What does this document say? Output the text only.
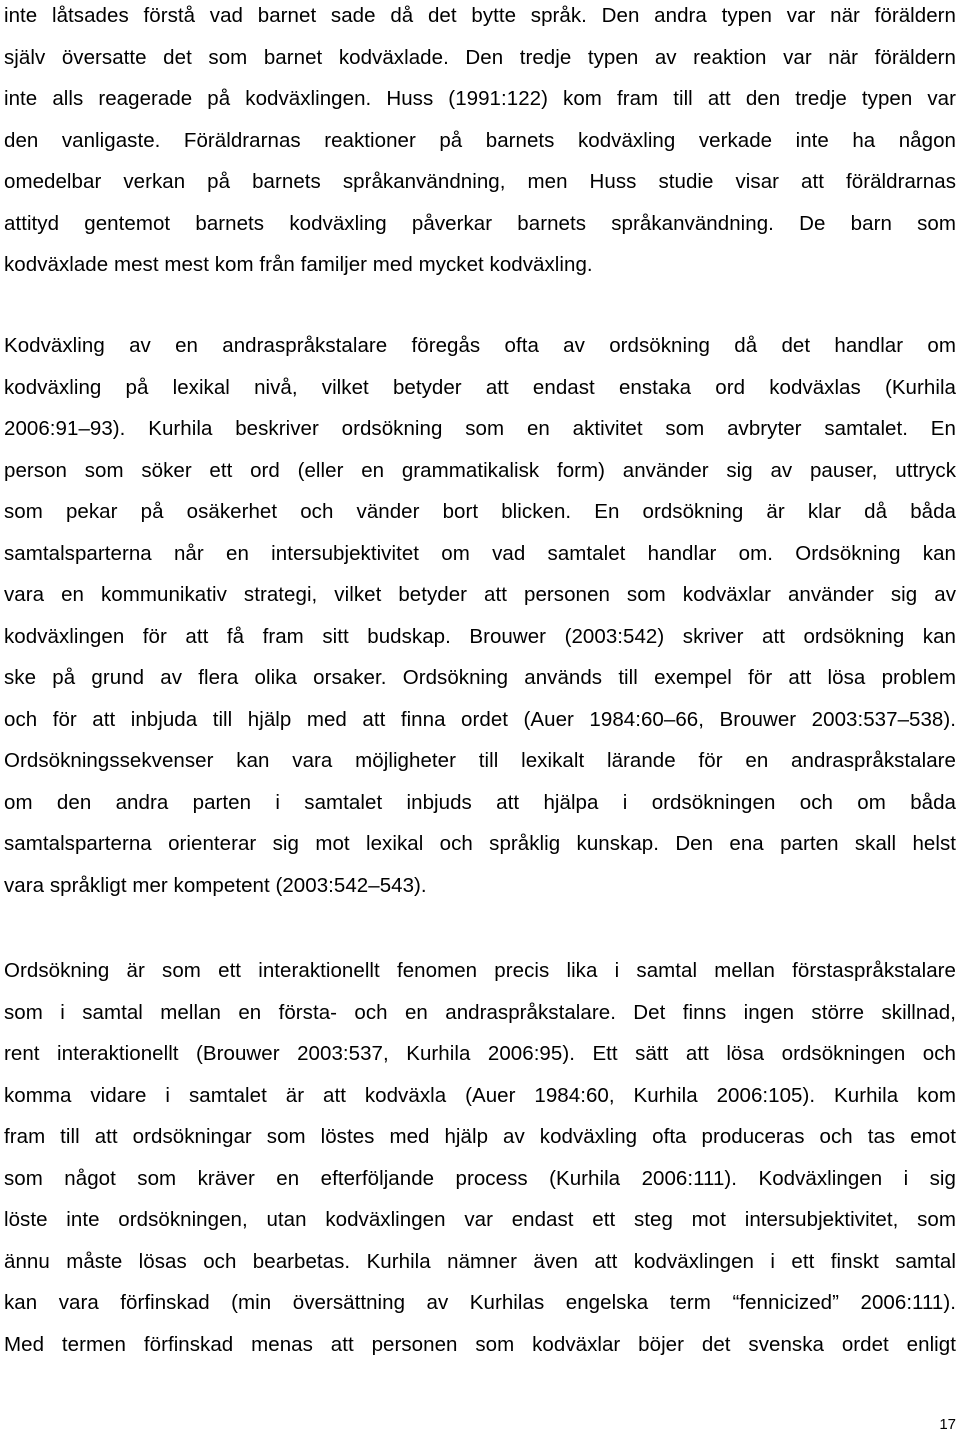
inte låtsades förstå vad barnet sade då det bytte språk. Den andra typen var när föräldern
själv översatte det som barnet kodväxlade. Den tredje typen av reaktion var när föräldern
inte alls reagerade på kodväxlingen. Huss (1991:122) kom fram till att den tredje typen var
den vanligaste. Föräldrarnas reaktioner på barnets kodväxling verkade inte ha någon
omedelbar verkan på barnets språkanvändning, men Huss studie visar att föräldrarnas
attityd gentemot barnets kodväxling påverkar barnets språkanvändning. De barn som
kodväxlade mest mest kom från familjer med mycket kodväxling.
Kodväxling av en andraspråkstalare föregås ofta av ordsökning då det handlar om
kodväxling på lexikal nivå, vilket betyder att endast enstaka ord kodväxlas (Kurhila
2006:91‒93). Kurhila beskriver ordsökning som en aktivitet som avbryter samtalet. En
person som söker ett ord (eller en grammatikalisk form) använder sig av pauser, uttryck
som pekar på osäkerhet och vänder bort blicken. En ordsökning är klar då båda
samtalsparterna når en intersubjektivitet om vad samtalet handlar om. Ordsökning kan
vara en kommunikativ strategi, vilket betyder att personen som kodväxlar använder sig av
kodväxlingen för att få fram sitt budskap. Brouwer (2003:542) skriver att ordsökning kan
ske på grund av flera olika orsaker. Ordsökning används till exempel för att lösa problem
och för att inbjuda till hjälp med att finna ordet (Auer 1984:60‒66, Brouwer 2003:537‒538).
Ordsökningssekvenser kan vara möjligheter till lexikalt lärande för en andraspråkstalare
om den andra parten i samtalet inbjuds att hjälpa i ordsökningen och om båda
samtalsparterna orienterar sig mot lexikal och språklig kunskap. Den ena parten skall helst
vara språkligt mer kompetent (2003:542‒543).
Ordsökning är som ett interaktionellt fenomen precis lika i samtal mellan förstaspråkstalare
som i samtal mellan en första- och en andraspråkstalare. Det finns ingen större skillnad,
rent interaktionellt (Brouwer 2003:537, Kurhila 2006:95). Ett sätt att lösa ordsökningen och
komma vidare i samtalet är att kodväxla (Auer 1984:60, Kurhila 2006:105). Kurhila kom
fram till att ordsökningar som löstes med hjälp av kodväxling ofta produceras och tas emot
som något som kräver en efterföljande process (Kurhila 2006:111). Kodväxlingen i sig
löste inte ordsökningen, utan kodväxlingen var endast ett steg mot intersubjektivitet, som
ännu måste lösas och bearbetas. Kurhila nämner även att kodväxlingen i ett finskt samtal
kan vara förfinskad (min översättning av Kurhilas engelska term “fennicized” 2006:111).
Med termen förfinskad menas att personen som kodväxlar böjer det svenska ordet enligt
17
